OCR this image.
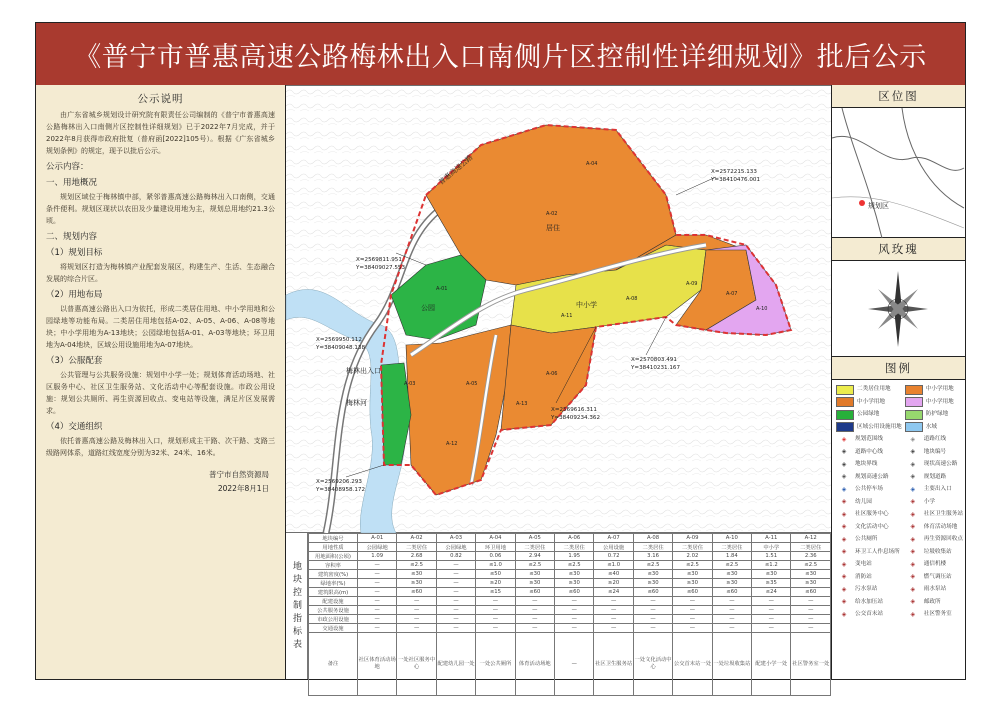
《普宁市普惠高速公路梅林出入口南侧片区控制性详细规划》批后公示
公示说明

由广东省城乡规划设计研究院有限责任公司编制的《普宁市普惠高速公路梅林出入口南侧片区控制性详细规划》已于2022年7月完成，并于2022年8月获得市政府批复（普府函[2022]105号）。根据《广东省城乡规划条例》的规定，现予以批后公示。

公示内容：

一、用地概况

规划区域位于梅林镇中部，紧邻普惠高速公路梅林出入口南侧，交通条件便利。规划区现状以农田及少量建设用地为主，规划总用地约21.3公顷。

二、规划内容

（1）规划目标

将规划区打造为梅林镇产业配套发展区，构建生产、生活、生态融合发展的综合片区。

（2）用地布局

以普惠高速公路出入口为依托，形成二类居住用地、中小学用地和公园绿地等功能布局。二类居住用地包括A-02、A-05、A-06、A-08等地块；中小学用地为A-13地块；公园绿地包括A-01、A-03等地块；环卫用地为A-04地块，区域公用设施用地为A-07地块。

（3）公服配套

公共管理与公共服务设施：规划中小学一处；规划体育活动场地、社区服务中心、社区卫生服务站、文化活动中心等配套设施。市政公用设施：规划公共厕所、再生资源回收点、变电站等设施，满足片区发展需求。

（4）交通组织

依托普惠高速公路及梅林出入口，规划形成主干路、次干路、支路三级路网体系，道路红线宽度分别为32米、24米、16米。

普宁市自然资源局

2022年8月1日

居住
中小学
公园
梅林河
普惠高速公路
梅林出入口
X=2572215.133
Y=38410476.001
X=2569811.951
Y=38409027.553
X=2569950.112
Y=38409048.138
X=2569616.311
Y=38409234.362
X=2570803.491
Y=38410231.167
X=2569206.293
Y=38408958.172
A-01
A-02
A-03
A-04
A-05
A-06
A-07
A-08
A-09
A-10
A-11
A-12
A-13
地块控制指标表
地块编号	A-01	A-02	A-03	A-04	A-05	A-06	A-07	A-08	A-09	A-10	A-11	A-12
用地性质	公园绿地	二类居住	公园绿地	环卫用地	二类居住	二类居住	公用设施	二类居住	二类居住	二类居住	中小学	二类居住
用地面积(公顷)	1.09	2.68	0.82	0.06	2.94	1.95	0.72	3.16	2.02	1.84	1.51	2.36
容积率	—	≤2.5	—	≤1.0	≤2.5	≤2.5	≤1.0	≤2.5	≤2.5	≤2.5	≤1.2	≤2.5
建筑密度(%)	—	≤30	—	≤50	≤30	≤30	≤40	≤30	≤30	≤30	≤30	≤30
绿地率(%)	—	≥30	—	≥20	≥30	≥30	≥20	≥30	≥30	≥30	≥35	≥30
建筑限高(m)	—	≤60	—	≤15	≤60	≤60	≤24	≤60	≤60	≤60	≤24	≤60
配建设施	—	—	—	—	—	—	—	—	—	—	—	—
公共服务设施	—	—	—	—	—	—	—	—	—	—	—	—
市政公用设施	—	—	—	—	—	—	—	—	—	—	—	—
交通设施	—	—	—	—	—	—	—	—	—	—	—	—
备注	社区体育活动场地	一处社区服务中心	配建幼儿园一处	一处公共厕所	体育活动场地	—	社区卫生服务站	一处文化活动中心	公交首末站一处	一处垃圾收集站	配建小学一处	社区警务室一处
区位图
规划区
风玫瑰
图例
二类居住用地	中小学用地
中小学用地	中小学用地
公园绿地	防护绿地
区域公用设施用地	水域
◈	规划范围线	◈	道路红线
◈	道路中心线	◈	地块编号
◈	地块界线	◈	现状高速公路
◈	规划高速公路	◈	规划道路
◈	公共停车场	◈	主要出入口
◈	幼儿园	◈	小学
◈	社区服务中心	◈	社区卫生服务站
◈	文化活动中心	◈	体育活动场地
◈	公共厕所	◈	再生资源回收点
◈	环卫工人作息场所	◈	垃圾收集站
◈	变电站	◈	通信机楼
◈	消防站	◈	燃气调压站
◈	污水泵站	◈	雨水泵站
◈	给水加压站	◈	邮政所
◈	公交首末站	◈	社区警务室
